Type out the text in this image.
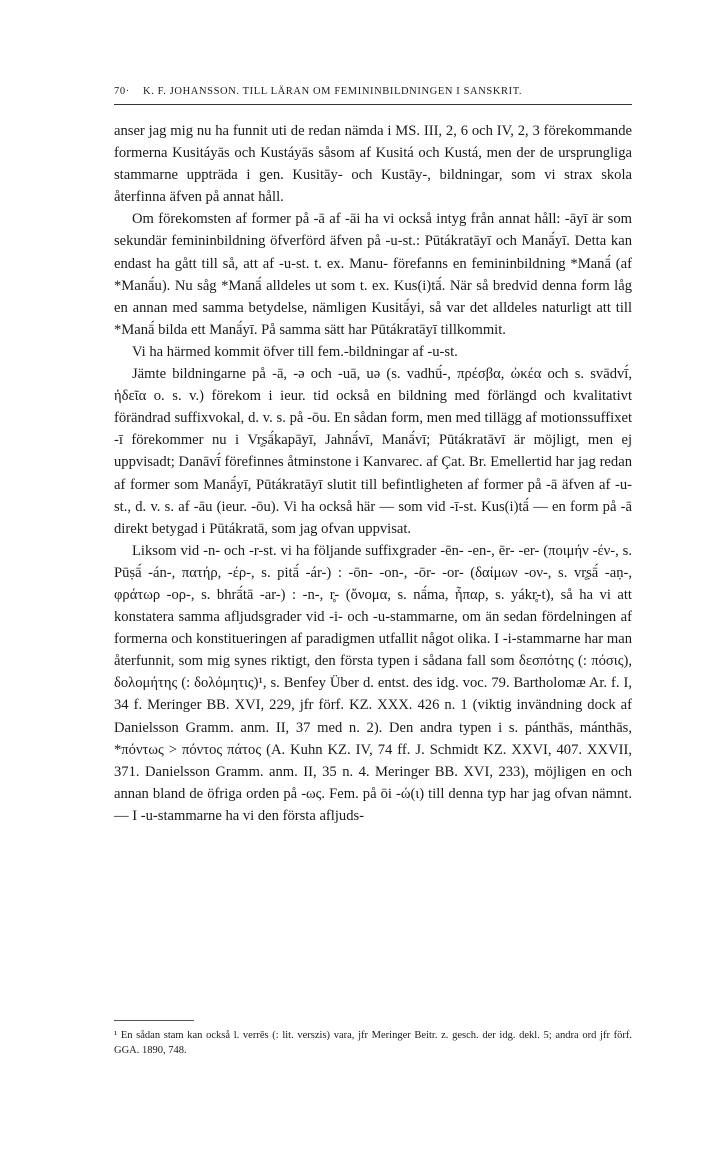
70· K. F. JOHANSSON. TILL LÄRAN OM FEMININBILDNINGEN I SANSKRIT.

anser jag mig nu ha funnit uti de redan nämda i MS. III, 2, 6 och IV, 2, 3 förekommande formerna Kusitáyās och Kustáyās såsom af Kusitá och Kustá, men der de ursprungliga stammarne uppträda i gen. Kusitāy- och Kustāy-, bildningar, som vi strax skola återfinna äfven på annat håll.

Om förekomsten af former på -ā af -āi ha vi också intyg från annat håll: -āyī är som sekundär femininbildning öfverförd äfven på -u-st.: Pūtákratāyī och Manā́yī. Detta kan endast ha gått till så, att af -u-st. t. ex. Manu- förefanns en femininbildning *Manā́ (af *Manā́u). Nu såg *Manā́ alldeles ut som t. ex. Kus(i)tā́. När så bredvid denna form låg en annan med samma betydelse, nämligen Kusitā́yi, så var det alldeles naturligt att till *Manā́ bilda ett Manā́yī. På samma sätt har Pūtákratāyī tillkommit.

Vi ha härmed kommit öfver till fem.-bildningar af -u-st.

Jämte bildningarne på -ā, -ə och -uā, uə (s. vadhū́-, πρέσβα, ὠκέα och s. svādvī́, ἡδεῖα o. s. v.) förekom i ieur. tid också en bildning med förlängd och kvalitativt förändrad suffixvokal, d. v. s. på -ōu. En sådan form, men med tillägg af motionssuffixet -ī förekommer nu i Vr̥ṣā́kapāyī, Jahnā́vī, Manā́vī; Pūtákratāvī är möjligt, men ej uppvisadt; Danāvī́ förefinnes åtminstone i Kanvarec. af Çat. Br. Emellertid har jag redan af former som Manā́yī, Pūtákratāyī slutit till befintligheten af former på -ā äfven af -u-st., d. v. s. af -āu (ieur. -ōu). Vi ha också här — som vid -ī-st. Kus(i)tā́ — en form på -ā direkt betygad i Pūtákratā, som jag ofvan uppvisat.

Liksom vid -n- och -r-st. vi ha följande suffixgrader -ēn- -en-, ēr- -er- (ποιμήν -έν-, s. Pūṣā́ -án-, πατήρ, -έρ-, s. pitā́ -ár-) : -ōn- -on-, -ōr- -or- (δαίμων -ον-, s. vr̥ṣā́ -aṇ-, φράτωρ -ορ-, s. bhrā́tā -ar-) : -n-, r̥- (ὄνομα, s. nā́ma, ἧπαρ, s. yákr̥-t), så ha vi att konstatera samma afljudsgrader vid -i- och -u-stammarne, om än sedan fördelningen af formerna och konstitueringen af paradigmen utfallit något olika. I -i-stammarne har man återfunnit, som mig synes riktigt, den första typen i sådana fall som δεσπότης (: πόσις), δολομήτης (: δολόμητις)¹, s. Benfey Über d. entst. des idg. voc. 79. Bartholomæ Ar. f. I, 34 f. Meringer BB. XVI, 229, jfr förf. KZ. XXX. 426 n. 1 (viktig invändning dock af Danielsson Gramm. anm. II, 37 med n. 2). Den andra typen i s. pánthās, mánthās, *πόντως > πόντος πάτος (A. Kuhn KZ. IV, 74 ff. J. Schmidt KZ. XXVI, 407. XXVII, 371. Danielsson Gramm. anm. II, 35 n. 4. Meringer BB. XVI, 233), möjligen en och annan bland de öfriga orden på -ως. Fem. på ōi -ώ(ι) till denna typ har jag ofvan nämnt. — I -u-stammarne ha vi den första afljuds-

¹ En sådan stam kan också l. verrēs (: lit. verszis) vara, jfr Meringer Beitr. z. gesch. der idg. dekl. 5; andra ord jfr förf. GGA. 1890, 748.
